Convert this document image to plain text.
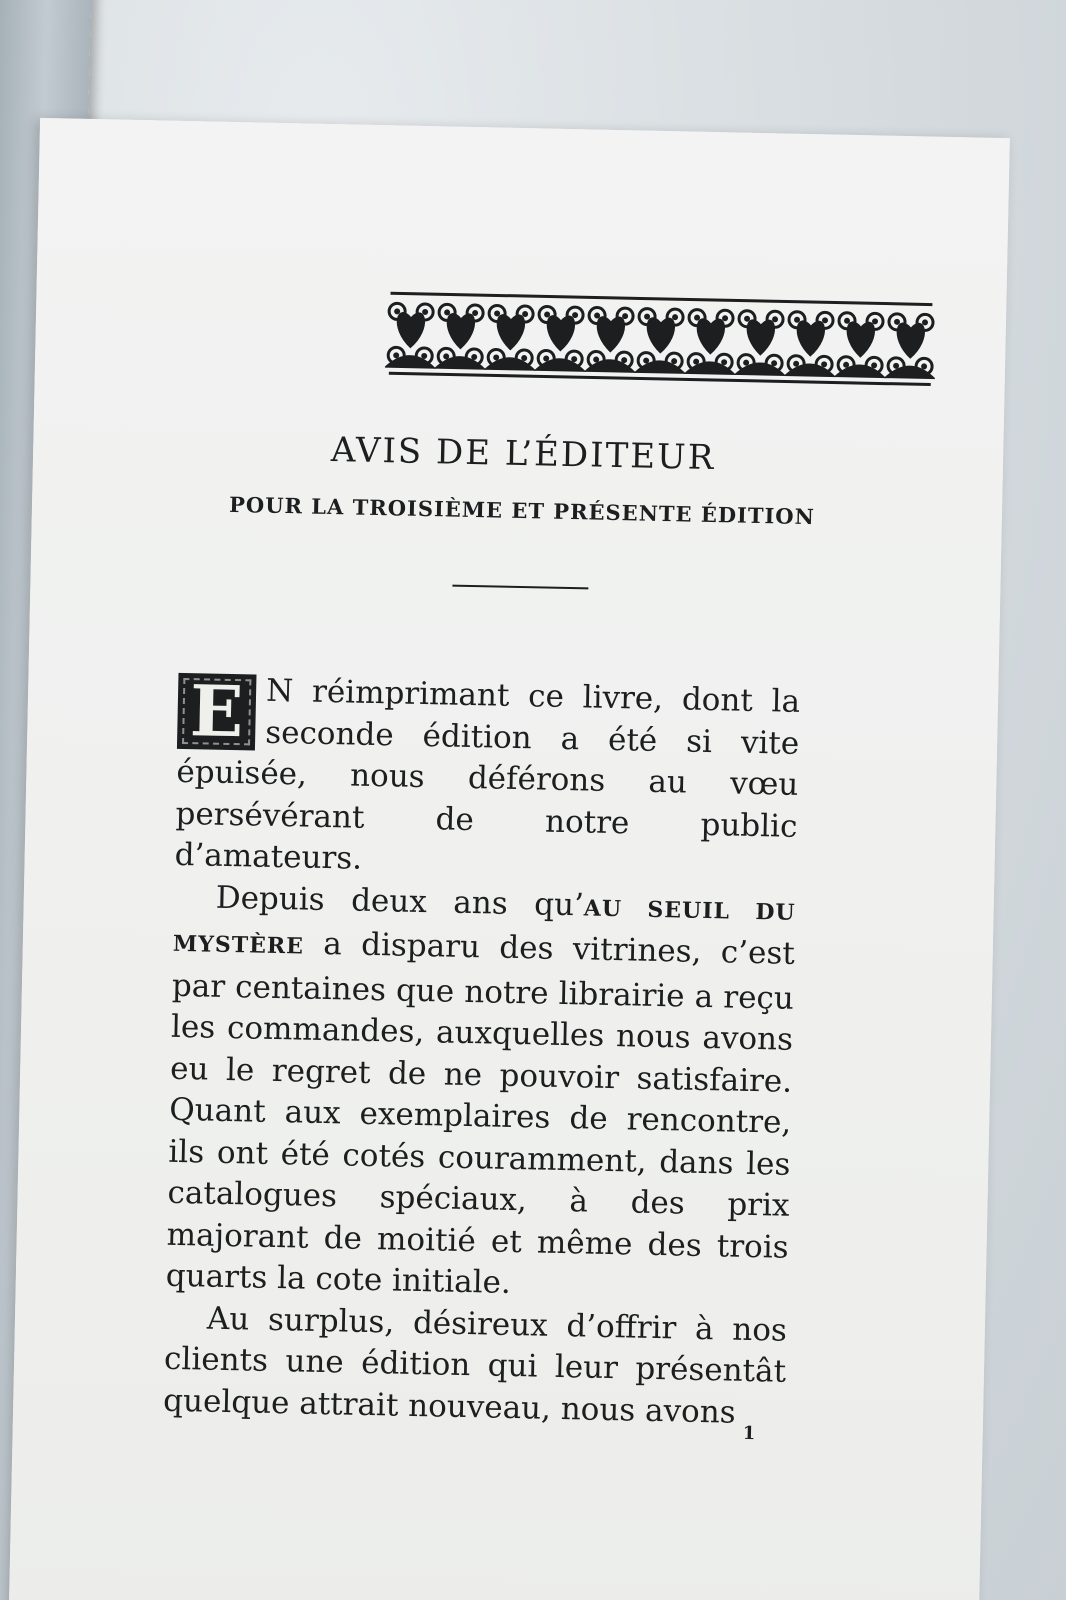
AVIS DE L’ÉDITEUR
POUR LA TROISIÈME ET PRÉSENTE ÉDITION

E N réimprimant ce livre, dont la seconde édition a été si vite épuisée, nous déférons au vœu persévérant de notre public d’amateurs.

Depuis deux ans qu’AU SEUIL DU MYSTÈRE a disparu des vitrines, c’est par centaines que notre librairie a reçu les commandes, auxquelles nous avons eu le regret de ne pouvoir satisfaire. Quant aux exemplaires de rencontre, ils ont été cotés couramment, dans les catalogues spéciaux, à des prix majorant de moitié et même des trois quarts la cote initiale.

Au surplus, désireux d’offrir à nos clients une édition qui leur présentât quelque attrait nouveau, nous avons

1
